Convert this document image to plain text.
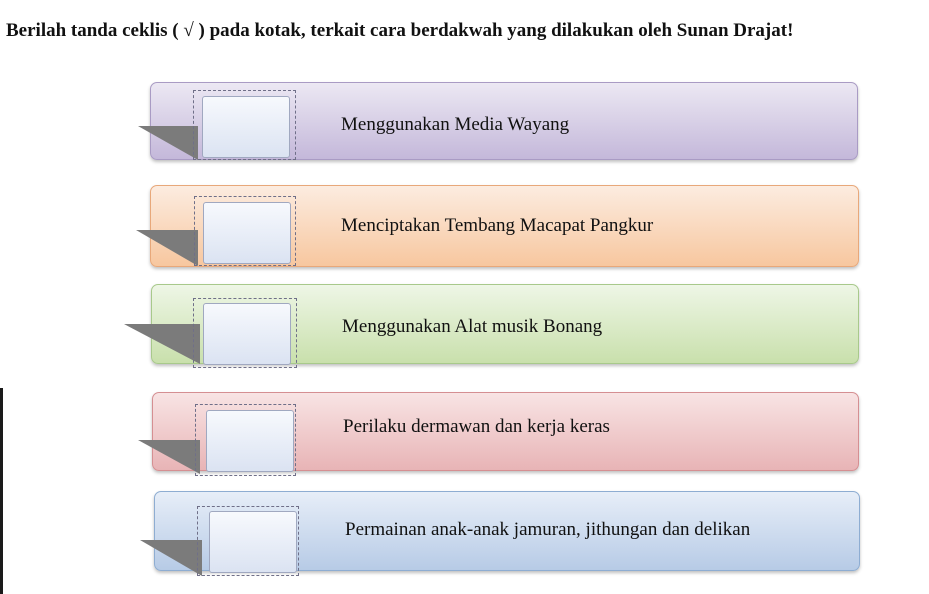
Berilah tanda ceklis ( √ ) pada kotak, terkait cara berdakwah yang dilakukan oleh Sunan Drajat!
Menggunakan Media Wayang
Menciptakan Tembang Macapat Pangkur
Menggunakan Alat musik Bonang
Perilaku dermawan dan kerja keras
Permainan anak-anak jamuran, jithungan dan delikan
